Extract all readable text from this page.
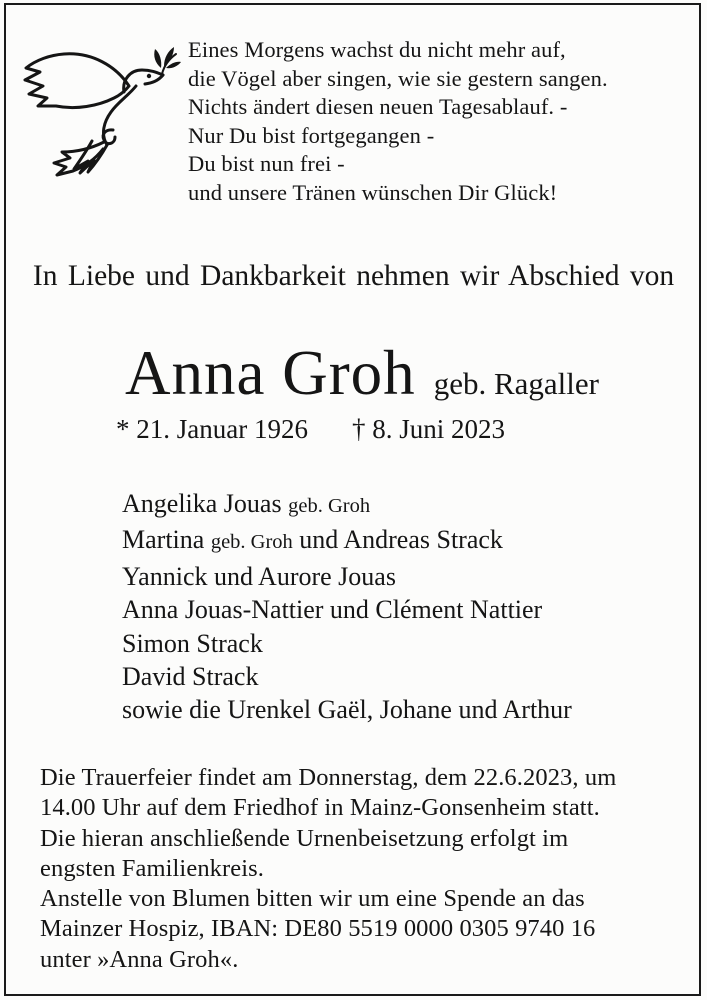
Eines Morgens wachst du nicht mehr auf,
die Vögel aber singen, wie sie gestern sangen.
Nichts ändert diesen neuen Tagesablauf. -
Nur Du bist fortgegangen -
Du bist nun frei -
und unsere Tränen wünschen Dir Glück!
In Liebe und Dankbarkeit nehmen wir Abschied von
Anna Groh geb. Ragaller
* 21. Januar 1926 † 8. Juni 2023
Angelika Jouas geb. Groh
Martina geb. Groh und Andreas Strack
Yannick und Aurore Jouas
Anna Jouas-Nattier und Clément Nattier
Simon Strack
David Strack
sowie die Urenkel Gaël, Johane und Arthur
Die Trauerfeier findet am Donnerstag, dem 22.6.2023, um
14.00 Uhr auf dem Friedhof in Mainz-Gonsenheim statt.
Die hieran anschließende Urnenbeisetzung erfolgt im
engsten Familienkreis.
Anstelle von Blumen bitten wir um eine Spende an das
Mainzer Hospiz, IBAN: DE80 5519 0000 0305 9740 16
unter »Anna Groh«.
